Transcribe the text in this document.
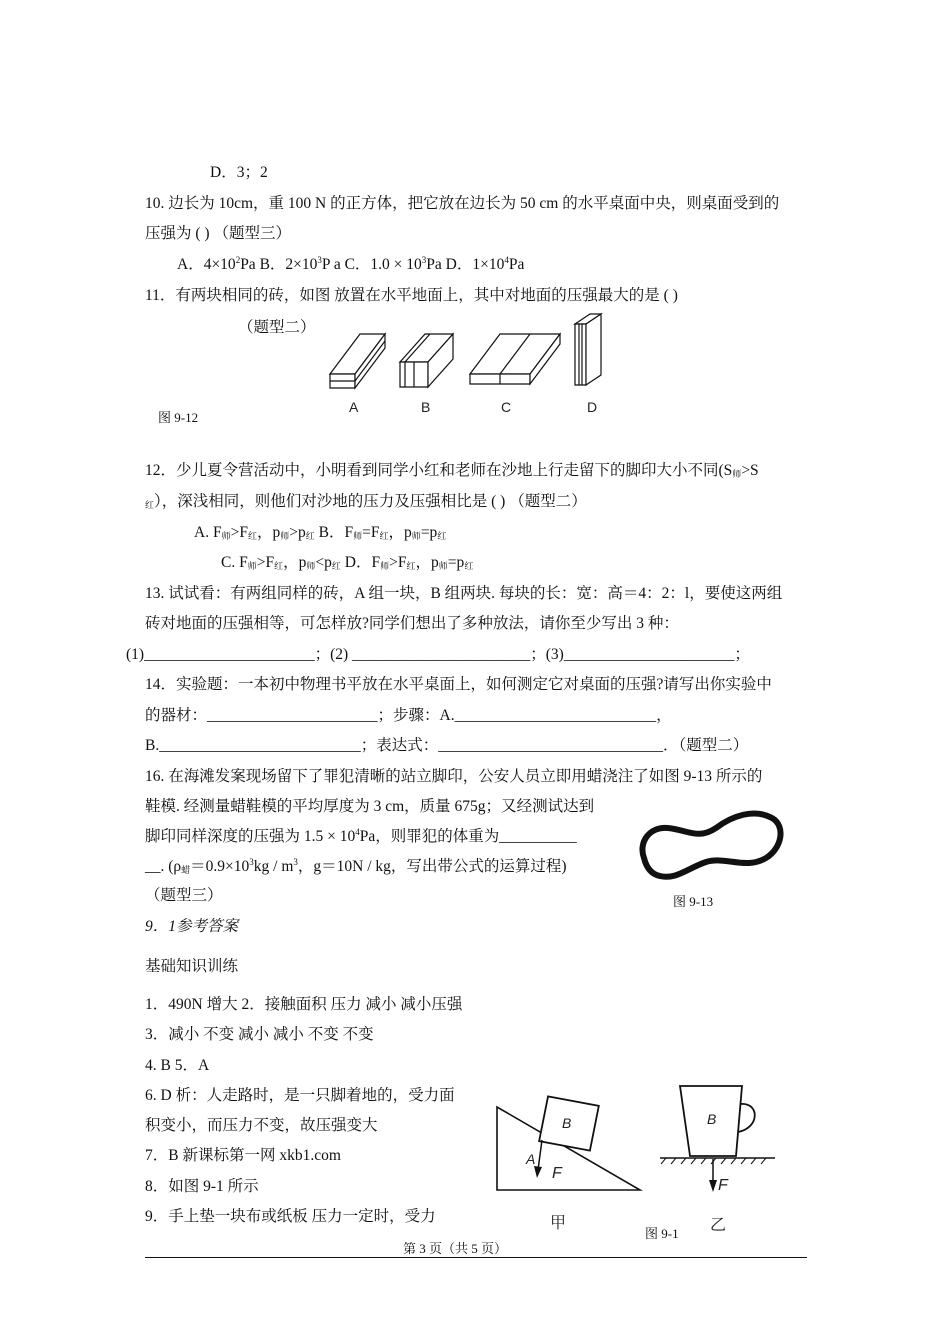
D．3；2
10. 边长为 10cm，重 100 N 的正方体，把它放在边长为 50 cm 的水平桌面中央，则桌面受到的
压强为 ( ) （题型三）
A．$4\times 10^2Pa$ B．$2\times 10^3P$ a C．$1.0 \times 10^3Pa$ D．$1\times 10^4Pa$
11．有两块相同的砖，如图 放置在水平地面上，其中对地面的压强最大的是 ( )
（题型二）
图 9-12
A	B	C	D
12．少儿夏令营活动中，小明看到同学小红和老师在沙地上行走留下的脚印大小不同($S_师>S$
$_红$），深浅相同，则他们对沙地的压力及压强相比是 ( ) （题型二）
A. $F_师>F_红$，$p_师>p_红$ B．$F_师=F_红$，$p_师=p_红$
C. $F_师>F_红$，$p_师<p_红$ D．$F_师>F_红$，$p_师=p_红$
13. 试试看：有两组同样的砖，A 组一块，B 组两块. 每块的长：宽：高＝4：2：l，要使这两组
砖对地面的压强相等，可怎样放?同学们想出了多种放法，请你至少写出 3 种：
(1)______________________；(2) _______________________；(3)______________________；
14．实验题：一本初中物理书平放在水平桌面上，如何测定它对桌面的压强?请写出你实验中
的器材：______________________；步骤：A.__________________________，
B.__________________________；表达式：_____________________________．（题型二）
16. 在海滩发案现场留下了罪犯清晰的站立脚印，公安人员立即用蜡浇注了如图 9-13 所示的
鞋模. 经测量蜡鞋模的平均厚度为 3 cm，质量 675g；又经测试达到
脚印同样深度的压强为 $1.5 \times 10^4Pa$，则罪犯的体重为__________
__. ($\rho_蜡=0.9\times 10^3kg / m^3$，g＝10N / kg，写出带公式的运算过程)
（题型三）	图 9-13
9．1参考答案
基础知识训练
1．490N 增大 2．接触面积 压力 减小 减小压强
3．减小 不变 减小 减小 不变 不变
4. B 5．A
6. D 析：人走路时，是一只脚着地的，受力面
积变小，而压力不变，故压强变大
7．B 新课标第一网 xkb1.com
8．如图 9-1 所示
9．手上垫一块布或纸板 压力一定时，受力
B
A
F
甲
B
F
乙
图 9-1
第 3 页（共 5 页）
